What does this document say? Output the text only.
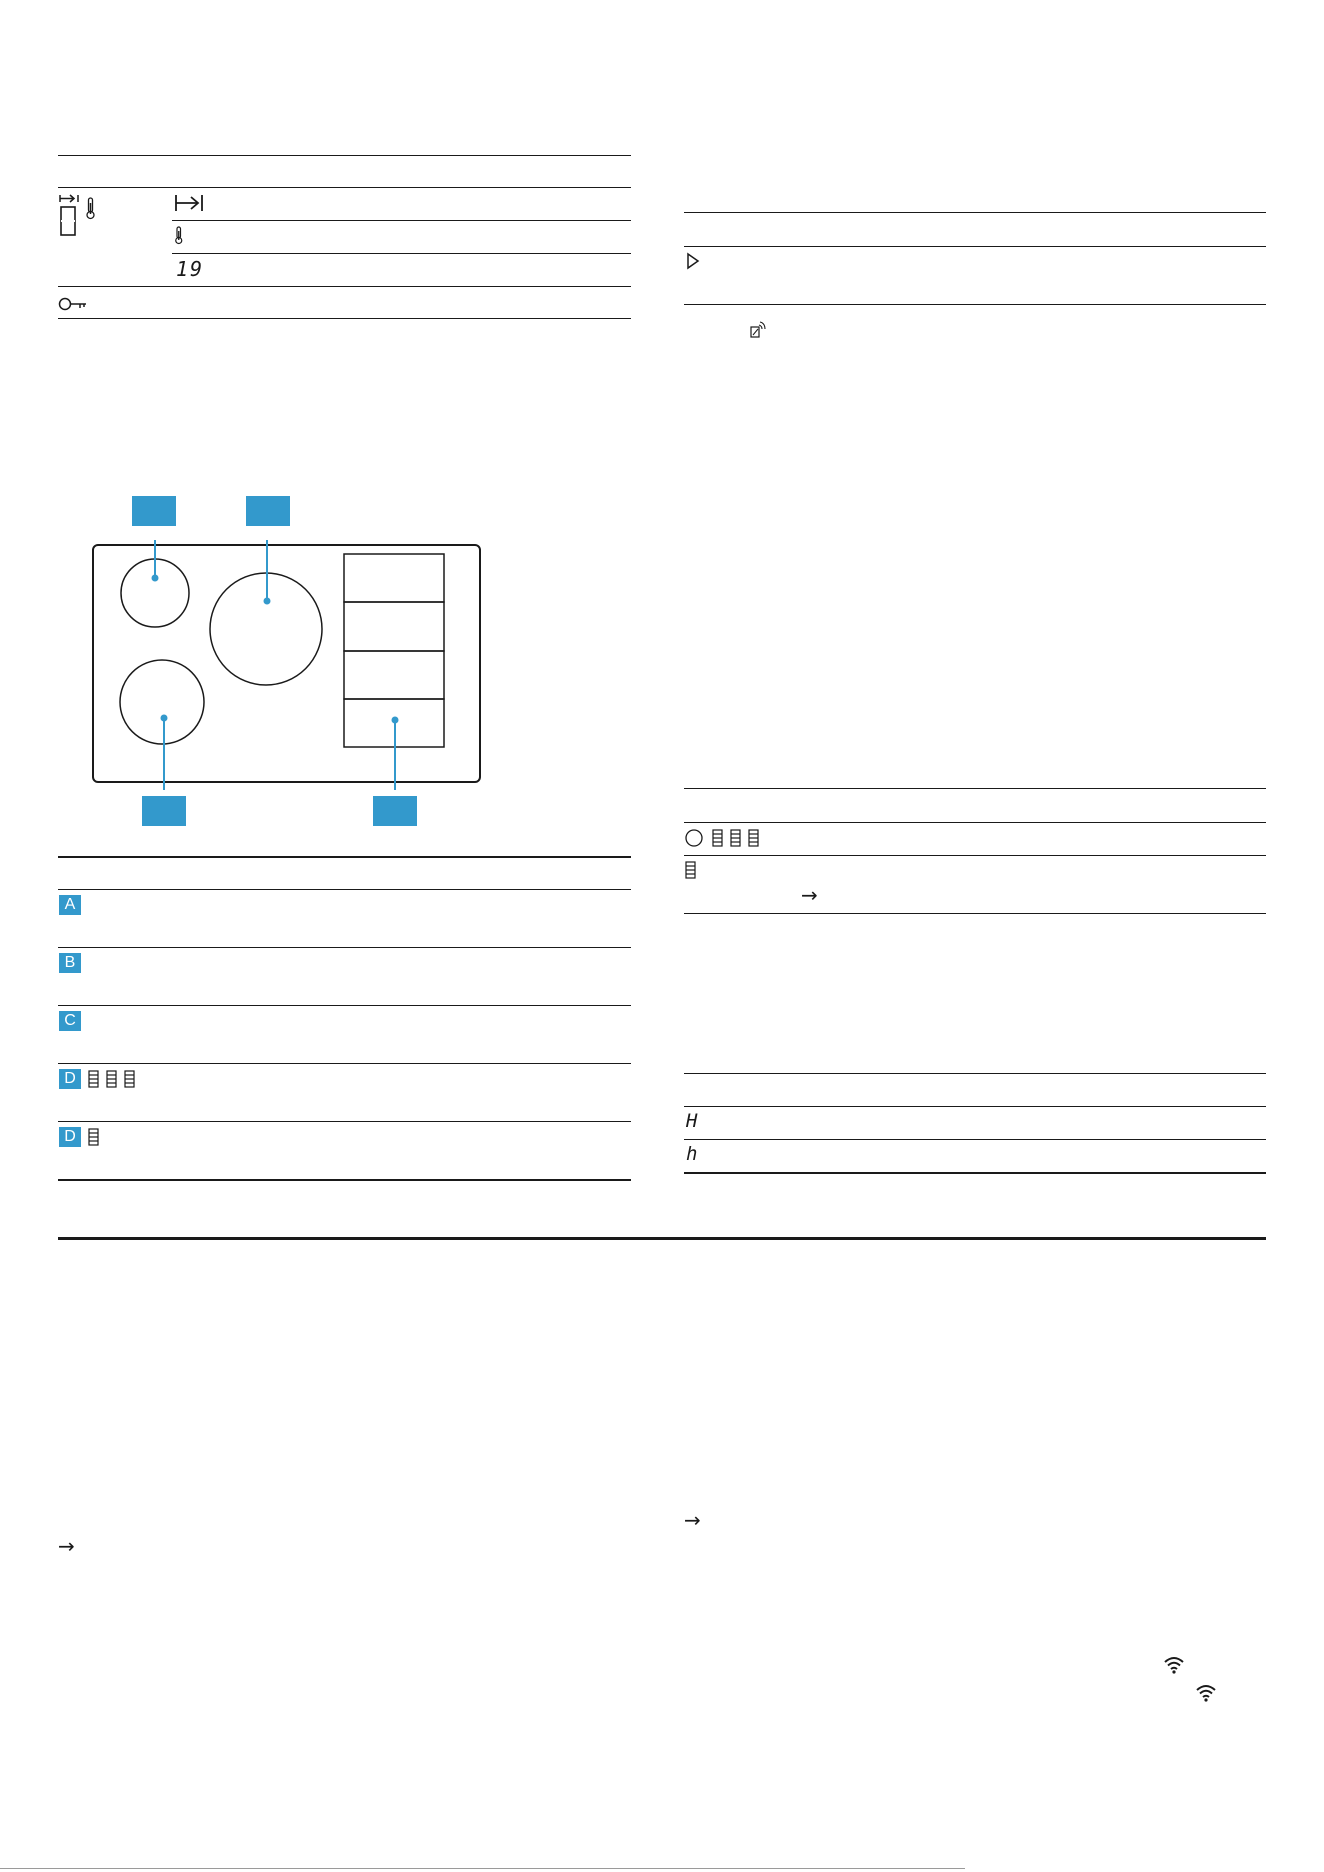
19
A
B
C
D
D
→
H
h
→
→
